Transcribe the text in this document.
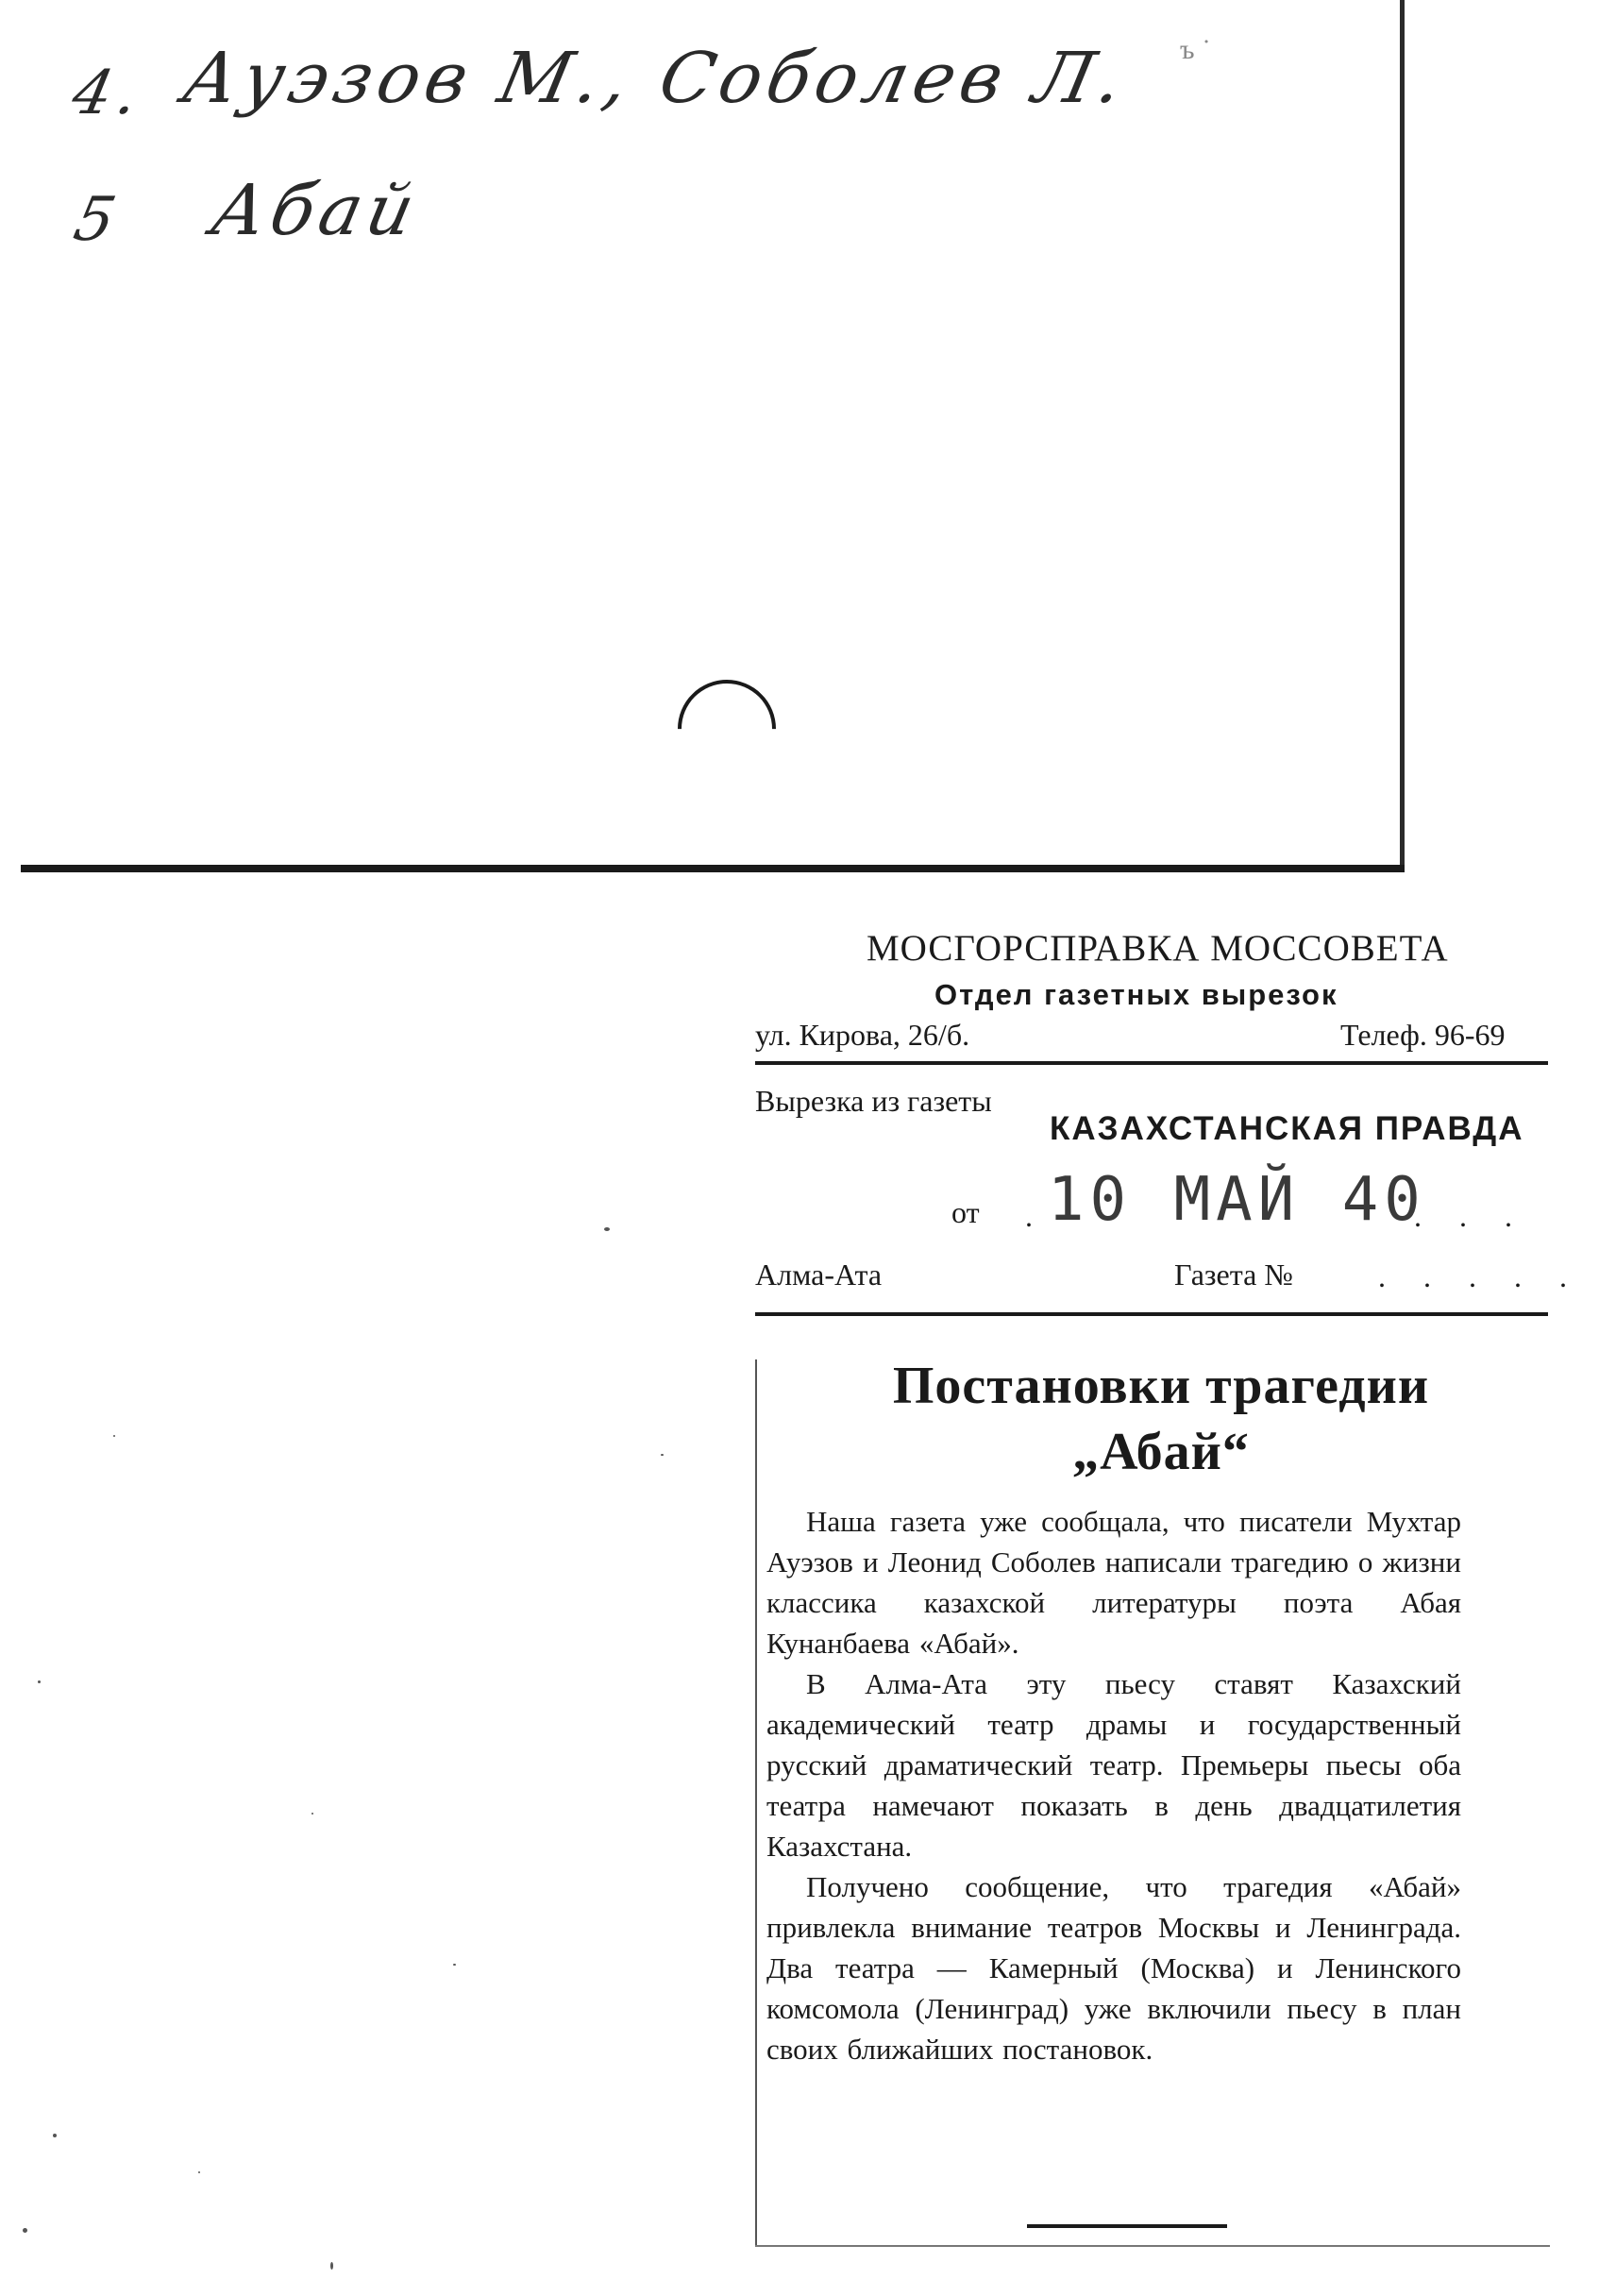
4. Ауэзов М., Соболев Л. ъ ˙
5 Абай
МОСГОРСПРАВКА МОССОВЕТА
Отдел газетных вырезок
ул. Кирова, 26/б.	Телеф. 96-69
Вырезка из газеты
КАЗАХСТАНСКАЯ ПРАВДА
от . 10 МАЙ 40
. . .
Алма-Ата	Газета №	. . . . .
Постановки трагедии
„Абай“

Наша газета уже сообщала, что писатели Мухтар Ауэзов и Леонид Соболев написали трагедию о жизни классика казахской литературы поэта Абая Кунанбаева «Абай».

В Алма-Ата эту пьесу ставят Казахский академический театр драмы и государственный русский драматический театр. Премьеры пьесы оба театра намечают показать в день двадцатилетия Казахстана.

Получено сообщение, что трагедия «Абай» привлекла внимание театров Москвы и Ленинграда. Два театра — Камерный (Москва) и Ленинского комсомола (Ленинград) уже включили пьесу в план своих ближайших постановок.
